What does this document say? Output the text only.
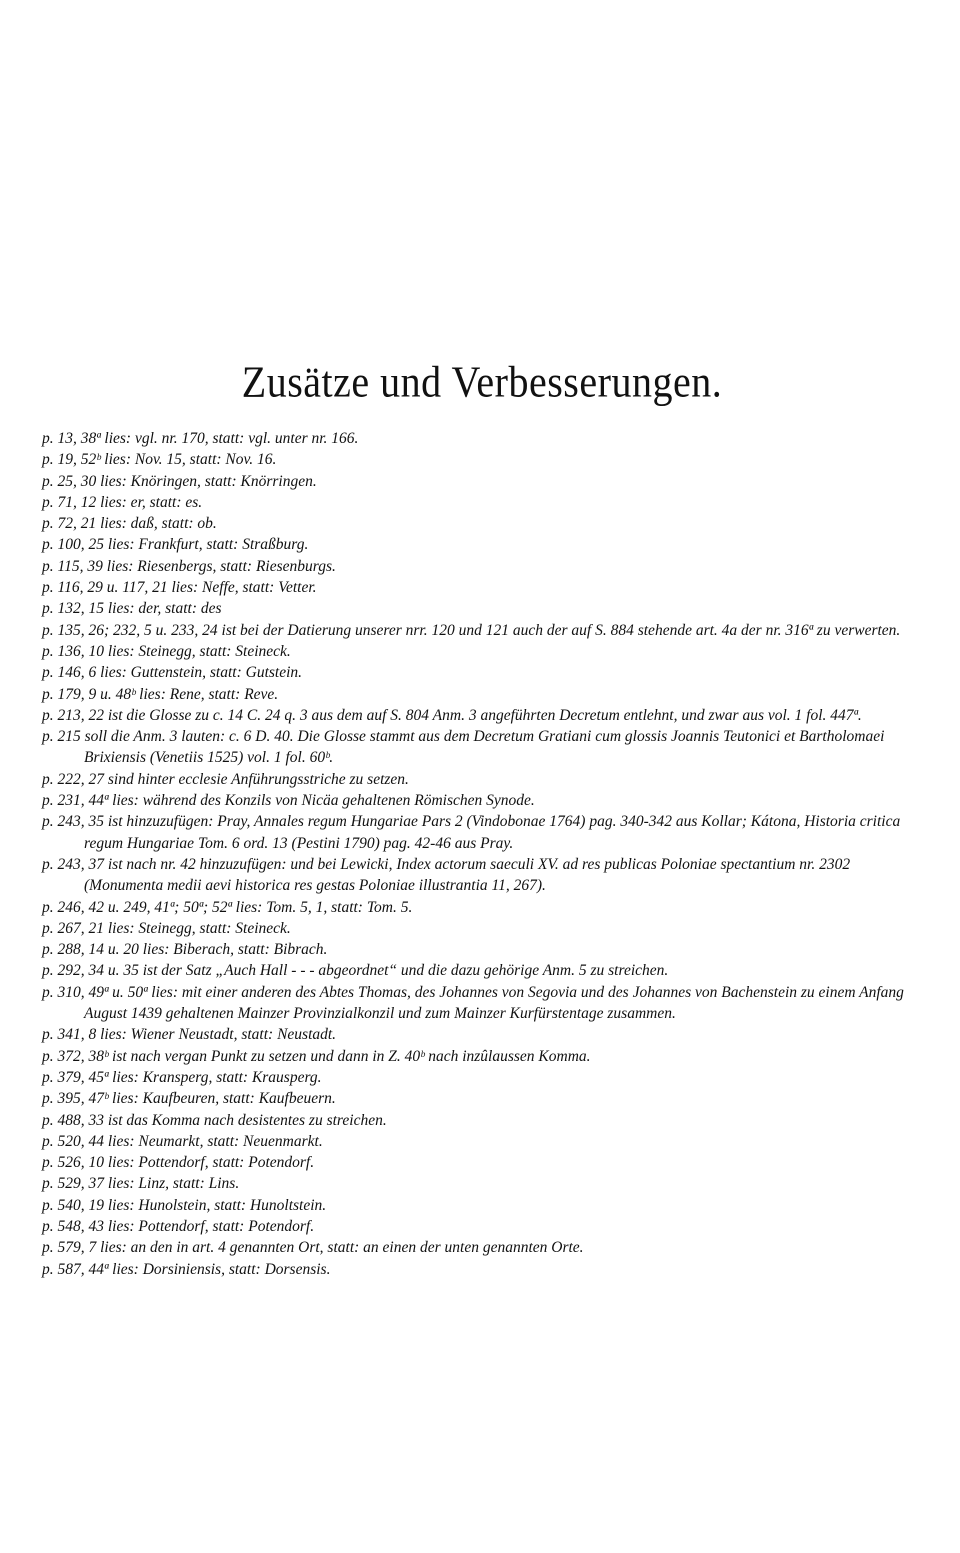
Zusätze und Verbesserungen.
p. 13, 38ª lies: vgl. nr. 170, statt: vgl. unter nr. 166.
p. 19, 52ᵇ lies: Nov. 15, statt: Nov. 16.
p. 25, 30 lies: Knöringen, statt: Knörringen.
p. 71, 12 lies: er, statt: es.
p. 72, 21 lies: daß, statt: ob.
p. 100, 25 lies: Frankfurt, statt: Straßburg.
p. 115, 39 lies: Riesenbergs, statt: Riesenburgs.
p. 116, 29 u. 117, 21 lies: Neffe, statt: Vetter.
p. 132, 15 lies: der, statt: des
p. 135, 26; 232, 5 u. 233, 24 ist bei der Datierung unserer nrr. 120 und 121 auch der auf S. 884 stehende art. 4a der nr. 316ª zu verwerten.
p. 136, 10 lies: Steinegg, statt: Steineck.
p. 146, 6 lies: Guttenstein, statt: Gutstein.
p. 179, 9 u. 48ᵇ lies: Rene, statt: Reve.
p. 213, 22 ist die Glosse zu c. 14 C. 24 q. 3 aus dem auf S. 804 Anm. 3 angeführten Decretum entlehnt, und zwar aus vol. 1 fol. 447ª.
p. 215 soll die Anm. 3 lauten: c. 6 D. 40. Die Glosse stammt aus dem Decretum Gratiani cum glossis Joannis Teutonici et Bartholomaei Brixiensis (Venetiis 1525) vol. 1 fol. 60ᵇ.
p. 222, 27 sind hinter ecclesie Anführungsstriche zu setzen.
p. 231, 44ª lies: während des Konzils von Nicäa gehaltenen Römischen Synode.
p. 243, 35 ist hinzuzufügen: Pray, Annales regum Hungariae Pars 2 (Vindobonae 1764) pag. 340-342 aus Kollar; Kátona, Historia critica regum Hungariae Tom. 6 ord. 13 (Pestini 1790) pag. 42-46 aus Pray.
p. 243, 37 ist nach nr. 42 hinzuzufügen: und bei Lewicki, Index actorum saeculi XV. ad res publicas Poloniae spectantium nr. 2302 (Monumenta medii aevi historica res gestas Poloniae illustrantia 11, 267).
p. 246, 42 u. 249, 41ª; 50ª; 52ª lies: Tom. 5, 1, statt: Tom. 5.
p. 267, 21 lies: Steinegg, statt: Steineck.
p. 288, 14 u. 20 lies: Biberach, statt: Bibrach.
p. 292, 34 u. 35 ist der Satz „Auch Hall - - - abgeordnet“ und die dazu gehörige Anm. 5 zu streichen.
p. 310, 49ª u. 50ª lies: mit einer anderen des Abtes Thomas, des Johannes von Segovia und des Johannes von Bachenstein zu einem Anfang August 1439 gehaltenen Mainzer Provinzialkonzil und zum Mainzer Kurfürstentage zusammen.
p. 341, 8 lies: Wiener Neustadt, statt: Neustadt.
p. 372, 38ᵇ ist nach vergan Punkt zu setzen und dann in Z. 40ᵇ nach inzûlaussen Komma.
p. 379, 45ª lies: Kransperg, statt: Krausperg.
p. 395, 47ᵇ lies: Kaufbeuren, statt: Kaufbeuern.
p. 488, 33 ist das Komma nach desistentes zu streichen.
p. 520, 44 lies: Neumarkt, statt: Neuenmarkt.
p. 526, 10 lies: Pottendorf, statt: Potendorf.
p. 529, 37 lies: Linz, statt: Lins.
p. 540, 19 lies: Hunolstein, statt: Hunoltstein.
p. 548, 43 lies: Pottendorf, statt: Potendorf.
p. 579, 7 lies: an den in art. 4 genannten Ort, statt: an einen der unten genannten Orte.
p. 587, 44ª lies: Dorsiniensis, statt: Dorsensis.
